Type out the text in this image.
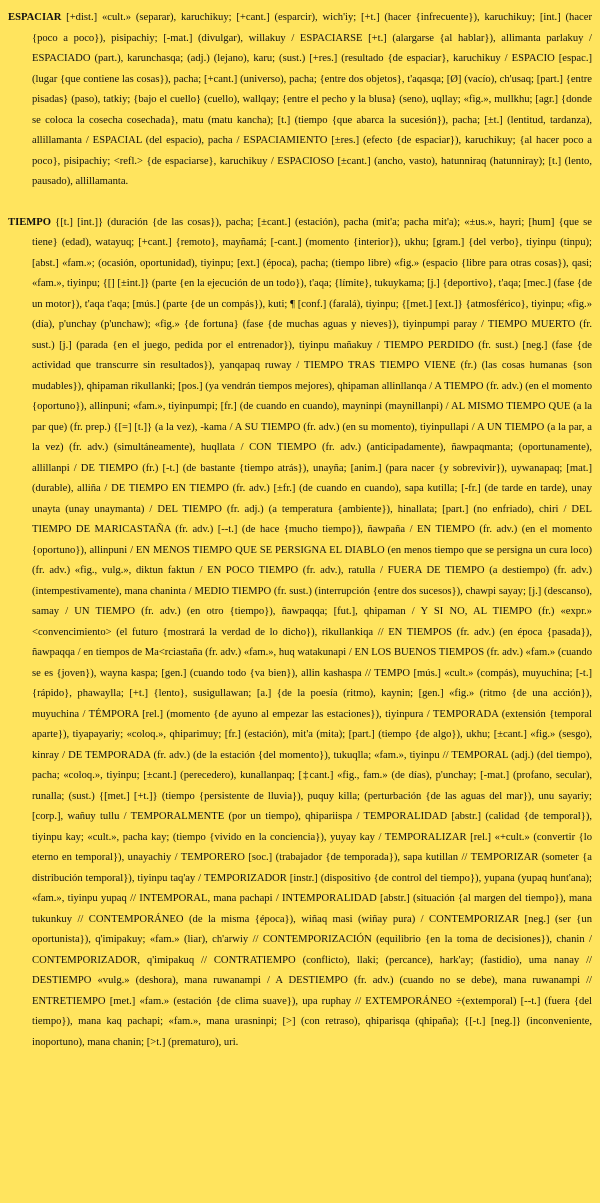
ESPACIAR [+dist.] «cult.» (separar), karuchikuy; [+cant.] (esparcir), wich'iy; [+t.] (hacer {infrecuente}), karuchikuy; [int.] (hacer {poco a poco}), pisipachiy; [-mat.] (divulgar), willakuy / ESPACIARSE [+t.] (alargarse {al hablar}), allimanta parlakuy / ESPACIADO (part.), karunchasqa; (adj.) (lejano), karu; (sust.) [+res.] (resultado {de espaciar}, karuchikuy / ESPACIO [espac.] (lugar {que contiene las cosas}), pacha; [+cant.] (universo), pacha; {entre dos objetos}, t'aqasqa; [Ø] (vacío), ch'usaq; [part.] {entre pisadas} (paso), tatkiy; {bajo el cuello} (cuello), wallqay; {entre el pecho y la blusa} (seno), uqllay; «fig.», mullkhu; [agr.] {donde se coloca la cosecha cosechada}, matu (matu kancha); [t.] (tiempo {que abarca la sucesión}), pacha; [±t.] (lentitud, tardanza), allillamanta / ESPACIAL (del espacio), pacha / ESPACIAMIENTO [±res.] (efecto {de espaciar}), karuchikuy; {al hacer poco a poco}, pisipachiy; <refl.> {de espaciarse}, karuchikuy / ESPACIOSO [±cant.] (ancho, vasto), hatunniraq (hatunniray); [t.] (lento, pausado), allillamanta.

TIEMPO {[t.] [int.]} (duración {de las cosas}), pacha; [±cant.] (estación), pacha (mit'a; pacha mit'a); «±us.», hayri; [hum] {que se tiene} (edad), watayuq; [+cant.] {remoto}, mayñamá; [-cant.] (momento {interior}), ukhu; [gram.] {del verbo}, tiyinpu (tinpu); [abst.] «fam.»; (ocasión, oportunidad), tiyinpu; [ext.] (época), pacha; (tiempo libre) «fig.» (espacio {libre para otras cosas}), qasi; «fam.», tiyinpu; {[] [±int.]} (parte {en la ejecución de un todo}), t'aqa; {límite}, tukuykama; [j.] {deportivo}, t'aqa; [mec.] (fase {de un motor}), t'aqa t'aqa; [mús.] (parte {de un compás}), kuti; ¶ [conf.] (faralá), tiyinpu; {[met.] [ext.]} {atmosférico}, tiyinpu; «fig.» (día), p'unchay (p'unchaw); «fig.» {de fortuna} (fase {de muchas aguas y nieves}), tiyinpumpi paray / TIEMPO MUERTO (fr. sust.) [j.] (parada {en el juego, pedida por el entrenador}), tiyinpu mañakuy / TIEMPO PERDIDO (fr. sust.) [neg.] (fase {de actividad que transcurre sin resultados}), yanqapaq ruway / TIEMPO TRAS TIEMPO VIENE (fr.) (las cosas humanas {son mudables}), qhipaman rikullanki; [pos.] (ya vendrán tiempos mejores), qhipaman allinllanqa / A TIEMPO (fr. adv.) (en el momento {oportuno}), allinpuni; «fam.», tiyinpumpi; [fr.] (de cuando en cuando), mayninpi (maynillanpi) / AL MISMO TIEMPO QUE (a la par que) (fr. prep.) {[=] [t.]} (a la vez), -kama / A SU TIEMPO (fr. adv.) (en su momento), tiyinpullapi / A UN TIEMPO (a la par, a la vez) (fr. adv.) (simultáneamente), huqllata / CON TIEMPO (fr. adv.) (anticipadamente), ñawpaqmanta; (oportunamente), allillanpi / DE TIEMPO (fr.) [-t.] (de bastante {tiempo atrás}), unayña; [anim.] (para nacer {y sobrevivir}), uywanapaq; [mat.] (durable), alliña / DE TIEMPO EN TIEMPO (fr. adv.) [±fr.] (de cuando en cuando), sapa kutilla; [-fr.] (de tarde en tarde), unay unayta (unay unaymanta) / DEL TIEMPO (fr. adj.) (a temperatura {ambiente}), hinallata; [part.] (no enfriado), chiri / DEL TIEMPO DE MARICASTAÑA (fr. adv.) [--t.] (de hace {mucho tiempo}), ñawpaña / EN TIEMPO (fr. adv.) (en el momento {oportuno}), allinpuni / EN MENOS TIEMPO QUE SE PERSIGNA EL DIABLO (en menos tiempo que se persigna un cura loco) (fr. adv.) «fig., vulg.», diktun faktun / EN POCO TIEMPO (fr. adv.), ratulla / FUERA DE TIEMPO (a destiempo) (fr. adv.) (intempestivamente), mana chaninta / MEDIO TIEMPO (fr. sust.) (interrupción {entre dos sucesos}), chawpi sayay; [j.] (descanso), samay / UN TIEMPO (fr. adv.) (en otro {tiempo}), ñawpaqqa; [fut.], qhipaman / Y SI NO, AL TIEMPO (fr.) «expr.» <convencimiento> (el futuro {mostrará la verdad de lo dicho}), rikullankiqa // EN TIEMPOS (fr. adv.) (en época {pasada}), ñawpaqqa / en tiempos de Ma<rciastaña (fr. adv.) «fam.», huq watakunapi / EN LOS BUENOS TIEMPOS (fr. adv.) «fam.» (cuando se es {joven}), wayna kaspa; [gen.] (cuando todo {va bien}), allin kashaspa // TEMPO [mús.] «cult.» (compás), muyuchina; [-t.] {rápido}, phawaylla; [+t.] {lento}, susigullawan; [a.] {de la poesía (ritmo), kaynin; [gen.] «fig.» (ritmo {de una acción}), muyuchina / TÉMPORA [rel.] (momento {de ayuno al empezar las estaciones}), tiyinpura / TEMPORADA (extensión {temporal aparte}), tiyapayariy; «coloq.», qhiparimuy; [fr.] (estación), mit'a (mita); [part.] (tiempo {de algo}), ukhu; [±cant.] «fig.» (sesgo), kinray / DE TEMPORADA (fr. adv.) (de la estación {del momento}), tukuqlla; «fam.», tiyinpu // TEMPORAL (adj.) (del tiempo), pacha; «coloq.», tiyinpu; [±cant.] (perecedero), kunallanpaq; [‡cant.] «fig., fam.» (de días), p'unchay; [-mat.] (profano, secular), runalla; (sust.) {[met.] [+t.]} (tiempo {persistente de lluvia}), puquy killa; (perturbación {de las aguas del mar}), unu sayariy; [corp.], wañuy tullu / TEMPORALMENTE (por un tiempo), qhipariispa / TEMPORALIDAD [abstr.] (calidad {de temporal}), tiyinpu kay; «cult.», pacha kay; (tiempo {vivido en la conciencia}), yuyay kay / TEMPORALIZAR [rel.] «+cult.» (convertir {lo eterno en temporal}), unayachiy / TEMPORERO [soc.] (trabajador {de temporada}), sapa kutillan // TEMPORIZAR (someter {a distribución temporal}), tiyinpu taq'ay / TEMPORIZADOR [instr.] (dispositivo {de control del tiempo}), yupana (yupaq hunt'ana); «fam.», tiyinpu yupaq // INTEMPORAL, mana pachapi / INTEMPORALIDAD [abstr.] (situación {al margen del tiempo}), mana tukunkuy // CONTEMPORÁNEO (de la misma {época}), wiñaq masi (wiñay pura) / CONTEMPORIZAR [neg.] (ser {un oportunista}), q'imipakuy; «fam.» (liar), ch'arwiy // CONTEMPORIZACIÓN (equilibrio {en la toma de decisiones}), chanin / CONTEMPORIZADOR, q'imipakuq // CONTRATIEMPO (conflicto), llaki; (percance), hark'ay; (fastidio), uma nanay // DESTIEMPO «vulg.» (deshora), mana ruwanampi / A DESTIEMPO (fr. adv.) (cuando no se debe), mana ruwanampi // ENTRETIEMPO [met.] «fam.» (estación {de clima suave}), upa ruphay // EXTEMPORÁNEO ÷(extemporal) [--t.] (fuera {del tiempo}), mana kaq pachapi; «fam.», mana urasninpi; [>] (con retraso), qhiparisqa (qhipaña); {[-t.] [neg.]} (inconveniente, inoportuno), mana chanin; [>t.] (prematuro), uri.
